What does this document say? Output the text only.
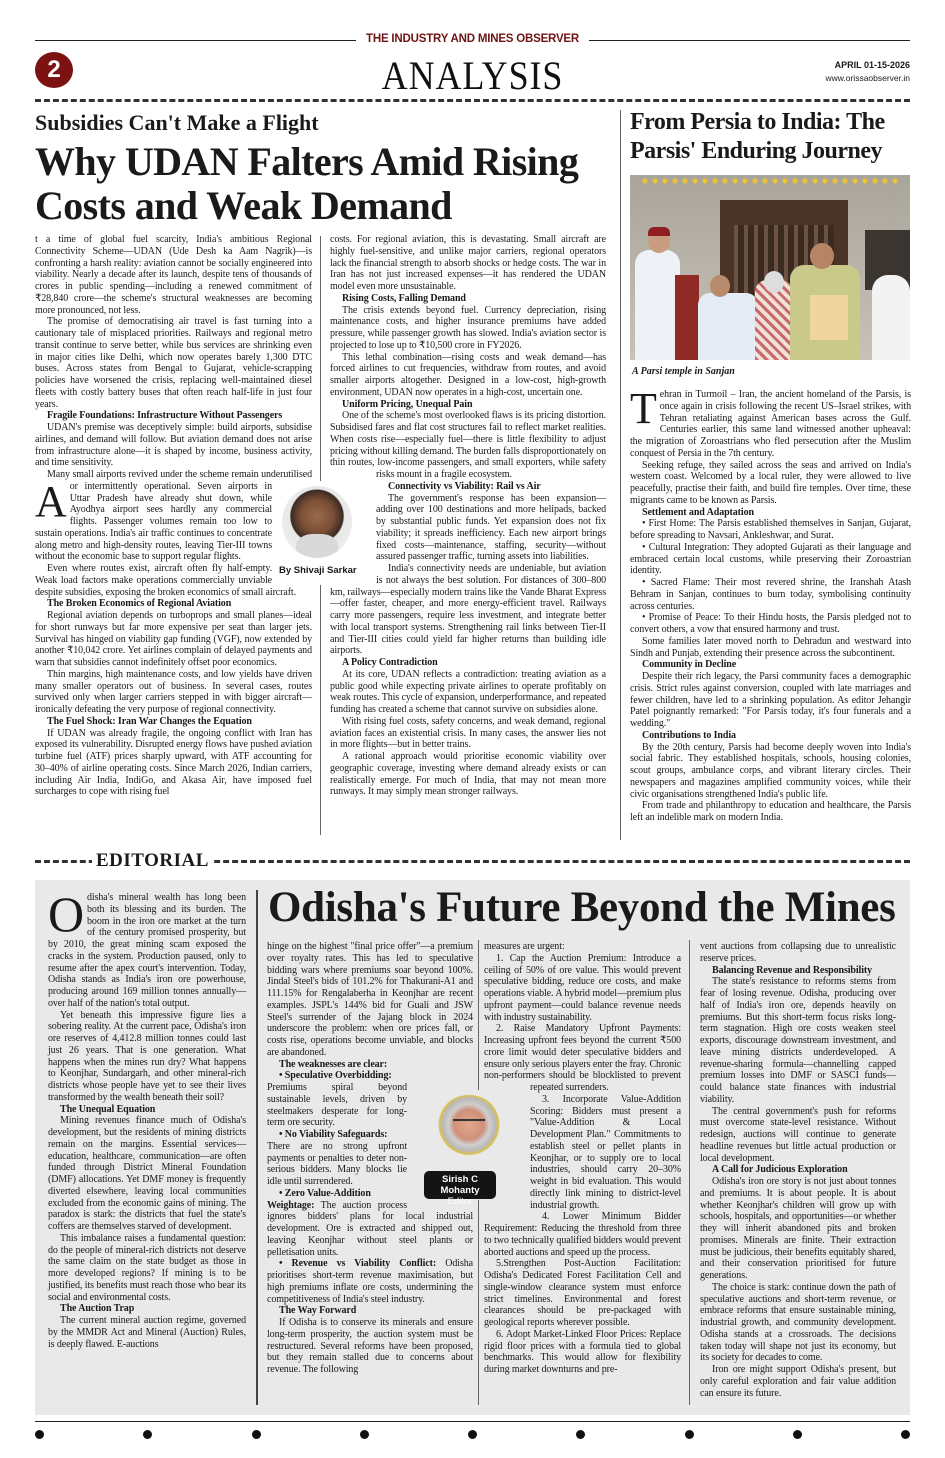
THE INDUSTRY AND MINES OBSERVER
2	ANALYSIS	APRIL 01-15-2026
www.orissaobserver.in
Subsidies Can't Make a Flight
Why UDAN Falters Amid Rising Costs and Weak Demand
A

t a time of global fuel scarcity, India's ambitious Regional Connectivity Scheme—UDAN (Ude Desh ka Aam Nagrik)—is confronting a harsh reality: aviation cannot be socially engineered into viability. Nearly a decade after its launch, despite tens of thousands of crores in public spending—including a renewed commitment of ₹28,840 crore—the scheme's structural weaknesses are becoming more pronounced, not less.

The promise of democratising air travel is fast turning into a cautionary tale of misplaced priorities. Railways and regional metro transit continue to serve better, while bus services are shrinking even in major cities like Delhi, which now operates barely 1,300 DTC buses. Across states from Bengal to Gujarat, vehicle-scrapping policies have worsened the crisis, replacing well-maintained diesel fleets with costly battery buses that often reach half-life in just four years.

Fragile Foundations: Infrastructure Without Passengers

UDAN's premise was deceptively simple: build airports, subsidise airlines, and demand will follow. But aviation demand does not arise from infrastructure alone—it is shaped by income, business activity, and time sensitivity.

Many small airports revived under the scheme remain underutilised or intermittently operational. Seven airports in Uttar Pradesh have already shut down, while Ayodhya airport sees hardly any commercial flights. Passenger volumes remain too low to sustain operations. India's air traffic continues to concentrate along metro and high-density routes, leaving Tier-III towns without the economic base to support regular flights.

Even where routes exist, aircraft often fly half-empty. Weak load factors make operations commercially unviable despite subsidies, exposing the broken economics of small aircraft.

The Broken Economics of Regional Aviation

Regional aviation depends on turboprops and small planes—ideal for short runways but far more expensive per seat than larger jets. Survival has hinged on viability gap funding (VGF), now extended by another ₹10,042 crore. Yet airlines complain of delayed payments and warn that subsidies cannot indefinitely offset poor economics.

Thin margins, high maintenance costs, and low yields have driven many smaller operators out of business. In several cases, routes survived only when larger carriers stepped in with bigger aircraft—ironically defeating the very purpose of regional connectivity.

The Fuel Shock: Iran War Changes the Equation

If UDAN was already fragile, the ongoing conflict with Iran has exposed its vulnerability. Disrupted energy flows have pushed aviation turbine fuel (ATF) prices sharply upward, with ATF accounting for 30–40% of airline operating costs. Since March 2026, Indian carriers, including Air India, IndiGo, and Akasa Air, have imposed fuel surcharges to cope with rising fuel

costs. For regional aviation, this is devastating. Small aircraft are highly fuel-sensitive, and unlike major carriers, regional operators lack the financial strength to absorb shocks or hedge costs. The war in Iran has not just increased expenses—it has rendered the UDAN model even more unsustainable.

Rising Costs, Falling Demand

The crisis extends beyond fuel. Currency depreciation, rising maintenance costs, and higher insurance premiums have added pressure, while passenger growth has slowed. India's aviation sector is projected to lose up to ₹10,500 crore in FY2026.

This lethal combination—rising costs and weak demand—has forced airlines to cut frequencies, withdraw from routes, and avoid smaller airports altogether. Designed in a low-cost, high-growth environment, UDAN now operates in a high-cost, uncertain one.

Uniform Pricing, Unequal Pain

One of the scheme's most overlooked flaws is its pricing distortion. Subsidised fares and flat cost structures fail to reflect market realities. When costs rise—especially fuel—there is little flexibility to adjust pricing without killing demand. The burden falls disproportionately on thin routes, low-income passengers, and small exporters, while safety risks mount in a fragile ecosystem.

Connectivity vs Viability: Rail vs Air

The government's response has been expansion—adding over 100 destinations and more helipads, backed by substantial public funds. Yet expansion does not fix viability; it spreads inefficiency. Each new airport brings fixed costs—maintenance, staffing, security—without assured passenger traffic, turning assets into liabilities.

India's connectivity needs are undeniable, but aviation is not always the best solution. For distances of 300–800 km, railways—especially modern trains like the Vande Bharat Express—offer faster, cheaper, and more energy-efficient travel. Railways carry more passengers, require less investment, and integrate better with local transport systems. Strengthening rail links between Tier-II and Tier-III cities could yield far higher returns than building idle airports.

A Policy Contradiction

At its core, UDAN reflects a contradiction: treating aviation as a public good while expecting private airlines to operate profitably on weak routes. This cycle of expansion, underperformance, and repeated funding has created a scheme that cannot survive on subsidies alone.

With rising fuel costs, safety concerns, and weak demand, regional aviation faces an existential crisis. In many cases, the answer lies not in more flights—but in better trains.

A rational approach would prioritise economic viability over geographic coverage, investing where demand already exists or can realistically emerge. For much of India, that may not mean more runways. It may simply mean stronger railways.

By Shivaji Sarkar
From Persia to India: The Parsis' Enduring Journey
A Parsi temple in Sanjan
T ehran in Turmoil – Iran, the ancient homeland of the Parsis, is once again in crisis following the recent US–Israel strikes, with Tehran retaliating against American bases across the Gulf. Centuries earlier, this same land witnessed another upheaval: the migration of Zoroastrians who fled persecution after the Muslim conquest of Persia in the 7th century.

Seeking refuge, they sailed across the seas and arrived on India's western coast. Welcomed by a local ruler, they were allowed to live peacefully, practise their faith, and build fire temples. Over time, these migrants came to be known as Parsis.

Settlement and Adaptation

• First Home: The Parsis established themselves in Sanjan, Gujarat, before spreading to Navsari, Ankleshwar, and Surat.

• Cultural Integration: They adopted Gujarati as their language and embraced certain local customs, while preserving their Zoroastrian identity.

• Sacred Flame: Their most revered shrine, the Iranshah Atash Behram in Sanjan, continues to burn today, symbolising continuity across centuries.

• Promise of Peace: To their Hindu hosts, the Parsis pledged not to convert others, a vow that ensured harmony and trust.

Some families later moved north to Dehradun and westward into Sindh and Punjab, extending their presence across the subcontinent.

Community in Decline

Despite their rich legacy, the Parsi community faces a demographic crisis. Strict rules against conversion, coupled with late marriages and fewer children, have led to a shrinking population. As editor Jehangir Patel poignantly remarked: "For Parsis today, it's four funerals and a wedding."

Contributions to India

By the 20th century, Parsis had become deeply woven into India's social fabric. They established hospitals, schools, housing colonies, scout groups, ambulance corps, and vibrant literary circles. Their newspapers and magazines amplified community voices, while their civic organisations strengthened India's public life.

From trade and philanthropy to education and healthcare, the Parsis left an indelible mark on modern India.

EDITORIAL
O disha's mineral wealth has long been both its blessing and its burden. The boom in the iron ore market at the turn of the century promised prosperity, but by 2010, the great mining scam exposed the cracks in the system. Production paused, only to resume after the apex court's intervention. Today, Odisha stands as India's iron ore powerhouse, producing around 169 million tonnes annually—over half of the nation's total output.

Yet beneath this impressive figure lies a sobering reality. At the current pace, Odisha's iron ore reserves of 4,412.8 million tonnes could last just 26 years. That is one generation. What happens when the mines run dry? What happens to Keonjhar, Sundargarh, and other mineral-rich districts whose people have yet to see their lives transformed by the wealth beneath their soil?

The Unequal Equation

Mining revenues finance much of Odisha's development, but the residents of mining districts remain on the margins. Essential services—education, healthcare, communication—are often funded through District Mineral Foundation (DMF) allocations. Yet DMF money is frequently diverted elsewhere, leaving local communities excluded from the economic gains of mining. The paradox is stark: the districts that fuel the state's coffers are themselves starved of development.

This imbalance raises a fundamental question: do the people of mineral-rich districts not deserve the same claim on the state budget as those in more developed regions? If mining is to be justified, its benefits must reach those who bear its social and environmental costs.

The Auction Trap

The current mineral auction regime, governed by the MMDR Act and Mineral (Auction) Rules, is deeply flawed. E-auctions

Odisha's Future Beyond the Mines

hinge on the highest "final price offer"—a premium over royalty rates. This has led to speculative bidding wars where premiums soar beyond 100%. Jindal Steel's bids of 101.2% for Thakurani-A1 and 111.15% for Rengalaberha in Keonjhar are recent examples. JSPL's 144% bid for Guali and JSW Steel's surrender of the Jajang block in 2024 underscore the problem: when ore prices fall, or costs rise, operations become unviable, and blocks are abandoned.

The weaknesses are clear:

• Speculative Overbidding:

Premiums spiral beyond sustainable levels, driven by steelmakers desperate for long-term ore security.

• No Viability Safeguards:

There are no strong upfront payments or penalties to deter non-serious bidders. Many blocks lie idle until surrendered.

• Zero Value-Addition

Weightage: The auction process ignores bidders' plans for local industrial development. Ore is extracted and shipped out, leaving Keonjhar without steel plants or pelletisation units.

• Revenue vs Viability Conflict: Odisha prioritises short-term revenue maximisation, but high premiums inflate ore costs, undermining the competitiveness of India's steel industry.

The Way Forward

If Odisha is to conserve its minerals and ensure long-term prosperity, the auction system must be restructured. Several reforms have been proposed, but they remain stalled due to concerns about revenue. The following

measures are urgent:

1. Cap the Auction Premium: Introduce a ceiling of 50% of ore value. This would prevent speculative bidding, reduce ore costs, and make operations viable. A hybrid model—premium plus upfront payment—could balance revenue needs with industry sustainability.

2. Raise Mandatory Upfront Payments: Increasing upfront fees beyond the current ₹500 crore limit would deter speculative bidders and ensure only serious players enter the fray. Chronic non-performers should be blocklisted to prevent repeated surrenders.

3. Incorporate Value-Addition Scoring: Bidders must present a "Value-Addition & Local Development Plan." Commitments to establish steel or pellet plants in Keonjhar, or to supply ore to local industries, should carry 20–30% weight in bid evaluation. This would directly link mining to district-level industrial growth.

4. Lower Minimum Bidder Requirement: Reducing the threshold from three to two technically qualified bidders would prevent aborted auctions and speed up the process.

5.Strengthen Post-Auction Facilitation: Odisha's Dedicated Forest Facilitation Cell and single-window clearance system must enforce strict timelines. Environmental and forest clearances should be pre-packaged with geological reports wherever possible.

6. Adopt Market-Linked Floor Prices: Replace rigid floor prices with a formula tied to global benchmarks. This would allow for flexibility during market downturns and pre-

vent auctions from collapsing due to unrealistic reserve prices.

Balancing Revenue and Responsibility

The state's resistance to reforms stems from fear of losing revenue. Odisha, producing over half of India's iron ore, depends heavily on premiums. But this short-term focus risks long-term stagnation. High ore costs weaken steel exports, discourage downstream investment, and leave mining districts underdeveloped. A revenue-sharing formula—channelling capped premium losses into DMF or SASCI funds—could balance state finances with industrial viability.

The central government's push for reforms must overcome state-level resistance. Without redesign, auctions will continue to generate headline revenues but little actual production or local development.

A Call for Judicious Exploration

Odisha's iron ore story is not just about tonnes and premiums. It is about people. It is about whether Keonjhar's children will grow up with schools, hospitals, and opportunities—or whether they will inherit abandoned pits and broken promises. Minerals are finite. Their extraction must be judicious, their benefits equitably shared, and their conservation prioritised for future generations.

The choice is stark: continue down the path of speculative auctions and short-term revenue, or embrace reforms that ensure sustainable mining, industrial growth, and community development. Odisha stands at a crossroads. The decisions taken today will shape not just its economy, but its society for decades to come.

Iron ore might support Odisha's present, but only careful exploration and fair value addition can ensure its future.

Sirish C Mohanty
Editor
